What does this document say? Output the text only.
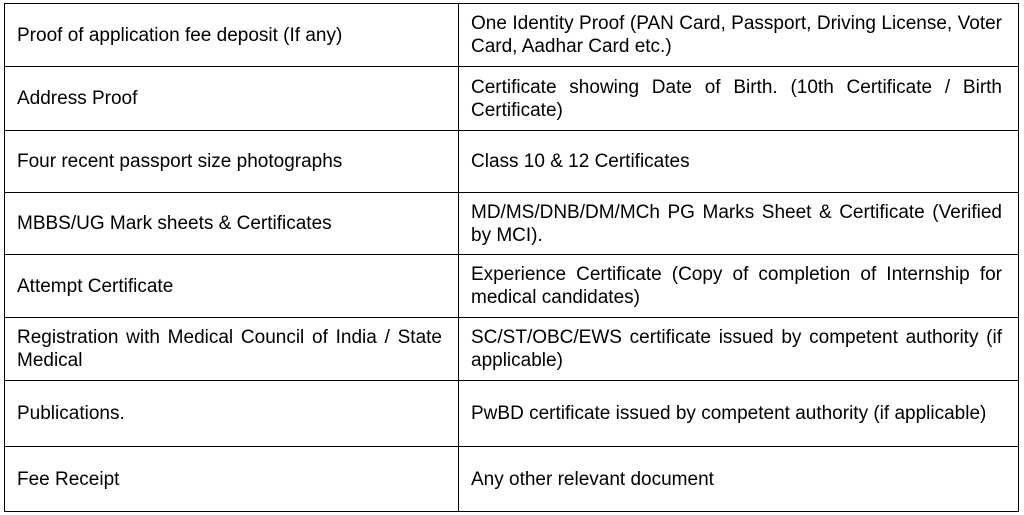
Proof of application fee deposit (If any)	One Identity Proof (PAN Card, Passport, Driving License, Voter Card, Aadhar Card etc.)
Address Proof	Certificate showing Date of Birth. (10th Certificate / Birth Certificate)
Four recent passport size photographs	Class 10 & 12 Certificates
MBBS/UG Mark sheets & Certificates	MD/MS/DNB/DM/MCh PG Marks Sheet & Certificate (Verified by MCI).
Attempt Certificate	Experience Certificate (Copy of completion of Internship for medical candidates)
Registration with Medical Council of India / State Medical	SC/ST/OBC/EWS certificate issued by competent authority (if applicable)
Publications.	PwBD certificate issued by competent authority (if applicable)
Fee Receipt	Any other relevant document
